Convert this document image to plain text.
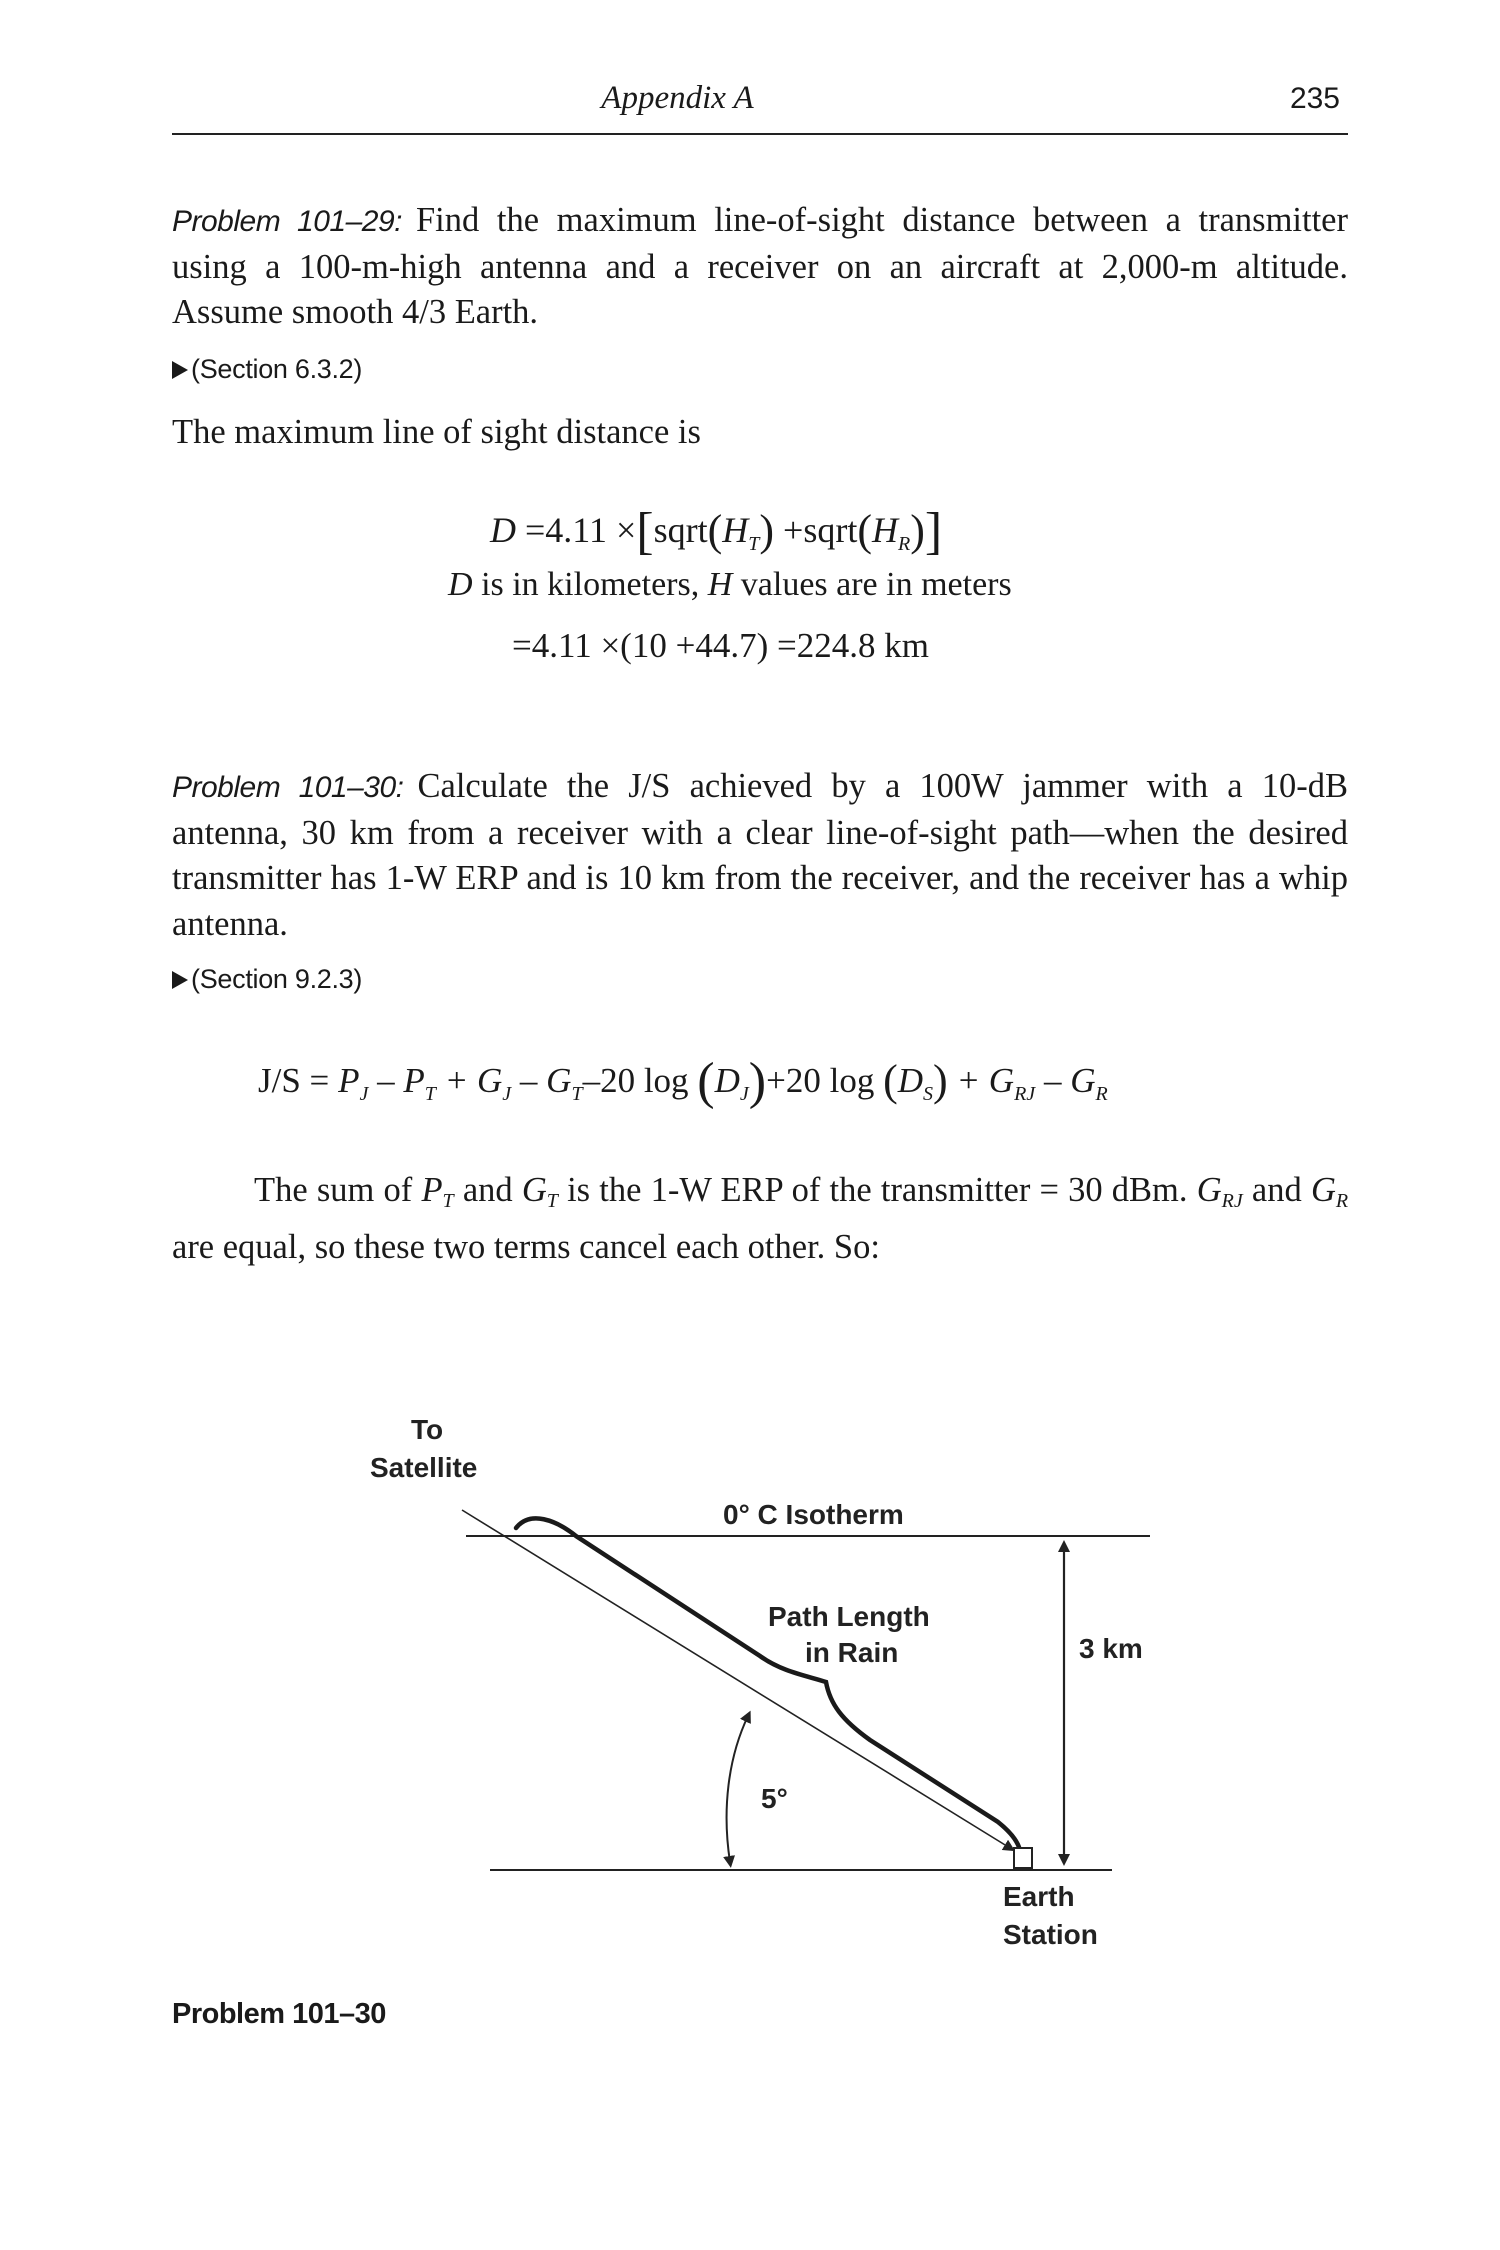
Appendix A	235
Problem 101–29: Find the maximum line-of-sight distance between a transmitter using a 100-m-high antenna and a receiver on an aircraft at 2,000-m altitude. Assume smooth 4/3 Earth.
(Section 6.3.2)
The maximum line of sight distance is
$D =4.11 \times[sqrt(H_T)$ $+sqrt(H_R)$]
D is in kilometers, H values are in meters
=4.11 ×(10 +44.7) =224.8 km
Problem 101–30: Calculate the J/S achieved by a 100W jammer with a 10-dB antenna, 30 km from a receiver with a clear line-of-sight path—when the desired transmitter has 1-W ERP and is 10 km from the receiver, and the receiver has a whip antenna.
(Section 9.2.3)
$J/S = P_J - P_T + G_J - G_T-20$ $\log (D_J)+20$ $\log (D_S) + G_{RJ} - G_R$
The sum of $P_T$ and $G_T$ is the 1-W ERP of the transmitter = 30 dBm. $G_{RJ}$ and $G_R$ are equal, so these two terms cancel each other. So:
To
Satellite
0° C Isotherm
Path Length
in Rain	3 km
5°
Earth
Station
Problem 101–30
